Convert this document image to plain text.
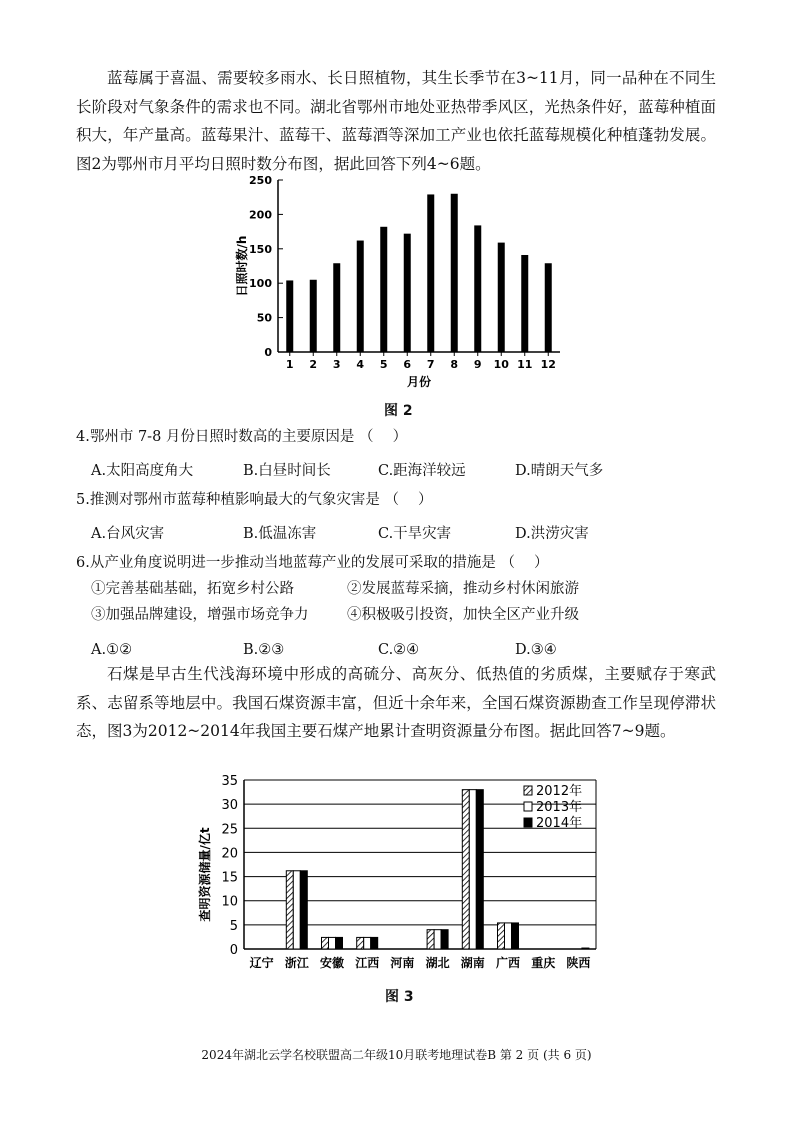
蓝莓属于喜温、需要较多雨水、长日照植物，其生长季节在3~11月，同一品种在不同生长阶段对气象条件的需求也不同。湖北省鄂州市地处亚热带季风区，光热条件好，蓝莓种植面积大，年产量高。蓝莓果汁、蓝莓干、蓝莓酒等深加工产业也依托蓝莓规模化种植蓬勃发展。图2为鄂州市月平均日照时数分布图，据此回答下列4~6题。

0
50
100
150
200
250
1 2 3 4 5 6 7 8 9 10 11 12
月份
日照时数/h
图 2

4.鄂州市 7-8 月份日照时数高的主要原因是 （　 ）

A.太阳高度角大	B.白昼时间长	C.距海洋较远	D.晴朗天气多

5.推测对鄂州市蓝莓种植影响最大的气象灾害是 （　 ）

A.台风灾害	B.低温冻害	C.干旱灾害	D.洪涝灾害

6.从产业角度说明进一步推动当地蓝莓产业的发展可采取的措施是 （　 ）

①完善基础基础，拓宽乡村公路	②发展蓝莓采摘，推动乡村休闲旅游
③加强品牌建设，增强市场竞争力	④积极吸引投资，加快全区产业升级
A.①②	B.②③	C.②④	D.③④

石煤是早古生代浅海环境中形成的高硫分、高灰分、低热值的劣质煤，主要赋存于寒武系、志留系等地层中。我国石煤资源丰富，但近十余年来，全国石煤资源勘查工作呈现停滞状态，图3为2012~2014年我国主要石煤产地累计查明资源量分布图。据此回答7~9题。

0
5
10
15
20
25
30
35
辽宁 浙江 安徽 江西 河南 湖北 湖南 广西 重庆 陕西
2012年
2013年
2014年
查明资源储量/亿t
图 3
2024年湖北云学名校联盟高二年级10月联考地理试卷B 第 2 页 (共 6 页)
